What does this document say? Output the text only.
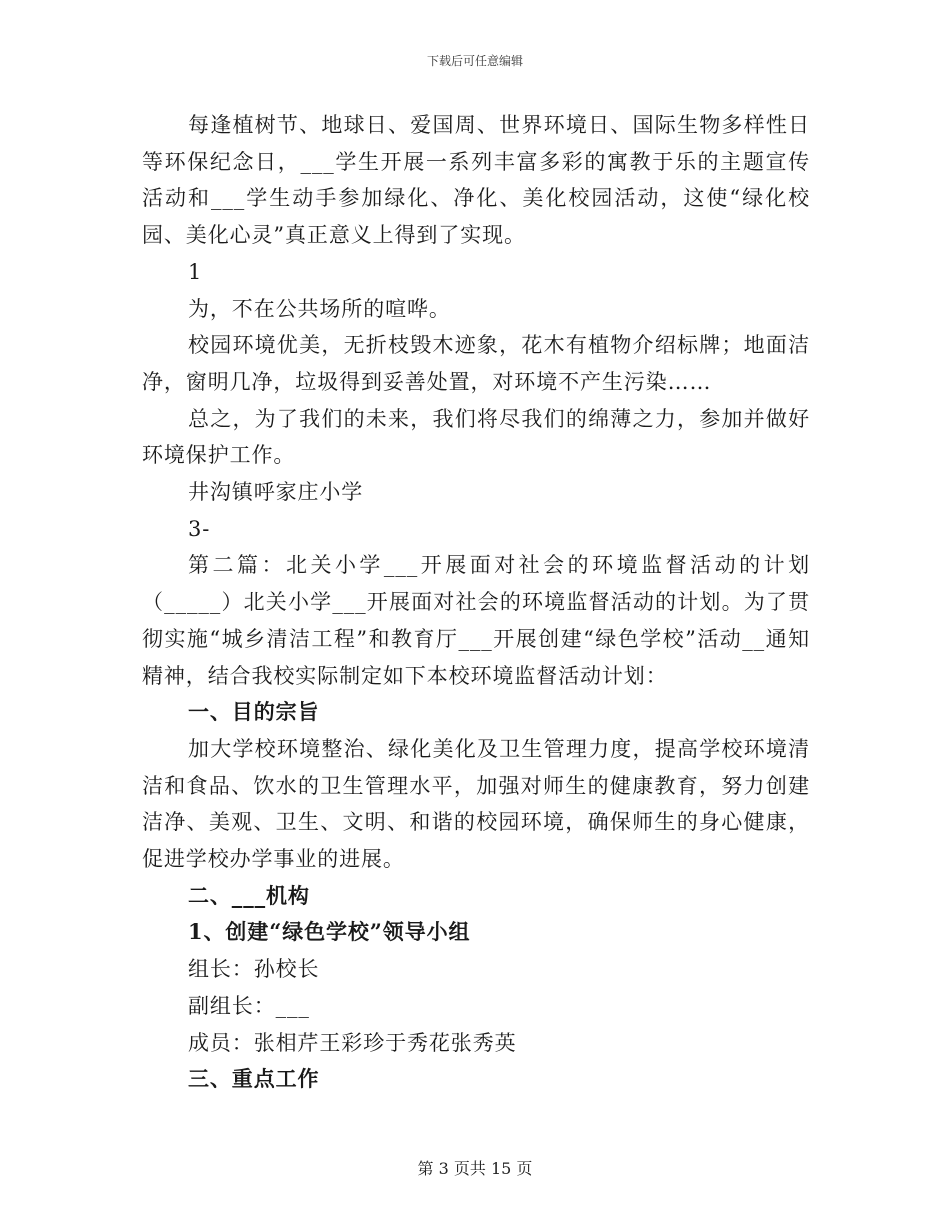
下载后可任意编辑

每逢植树节、地球日、爱国周、世界环境日、国际生物多样性日等环保纪念日，___学生开展一系列丰富多彩的寓教于乐的主题宣传活动和___学生动手参加绿化、净化、美化校园活动，这使“绿化校园、美化心灵”真正意义上得到了实现。

1

为，不在公共场所的喧哗。

校园环境优美，无折枝毁木迹象，花木有植物介绍标牌；地面洁净，窗明几净，垃圾得到妥善处置，对环境不产生污染……

总之，为了我们的未来，我们将尽我们的绵薄之力，参加并做好环境保护工作。

井沟镇呼家庄小学

3-

第二篇：北关小学___开展面对社会的环境监督活动的计划（_____）北关小学___开展面对社会的环境监督活动的计划。为了贯彻实施“城乡清洁工程”和教育厅___开展创建“绿色学校”活动__通知精神，结合我校实际制定如下本校环境监督活动计划：

一、目的宗旨

加大学校环境整治、绿化美化及卫生管理力度，提高学校环境清洁和食品、饮水的卫生管理水平，加强对师生的健康教育，努力创建洁净、美观、卫生、文明、和谐的校园环境，确保师生的身心健康，促进学校办学事业的进展。

二、___机构

1、创建“绿色学校”领导小组

组长：孙校长

副组长：___

成员：张相芹王彩珍于秀花张秀英

三、重点工作

第 3 页共 15 页
